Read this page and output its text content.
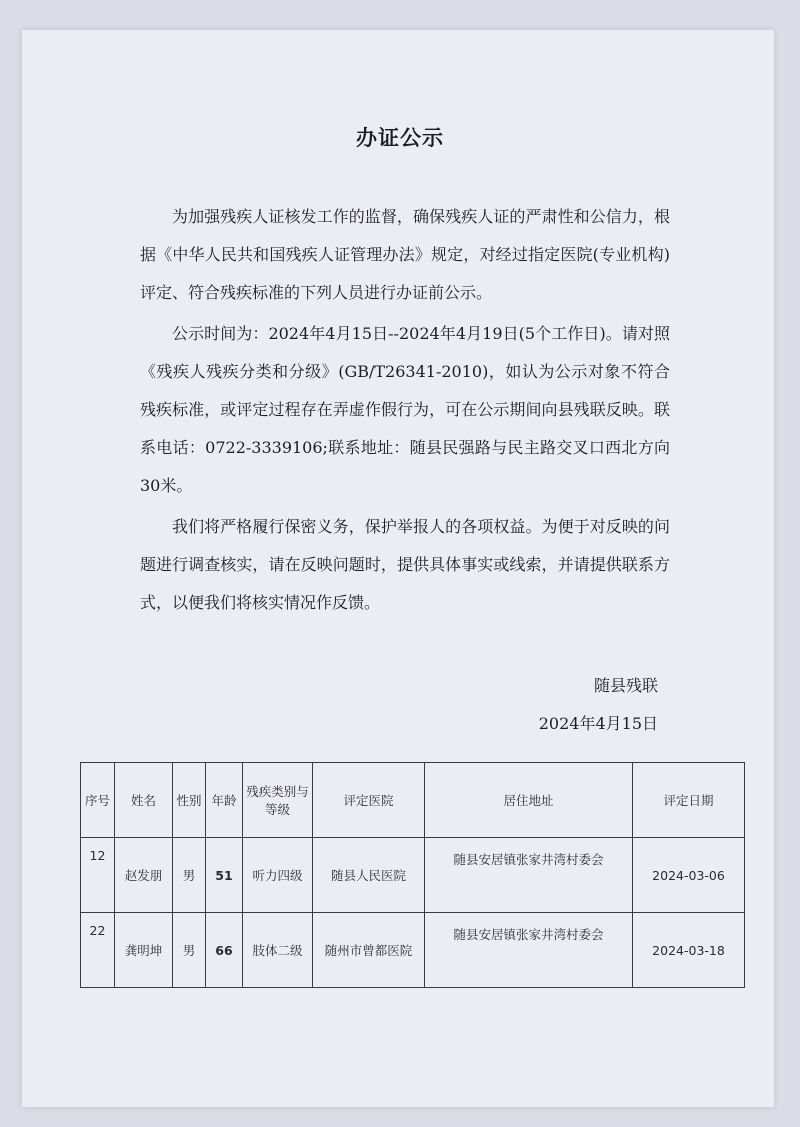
办证公示

为加强残疾人证核发工作的监督，确保残疾人证的严肃性和公信力，根据《中华人民共和国残疾人证管理办法》规定，对经过指定医院(专业机构)评定、符合残疾标准的下列人员进行办证前公示。

公示时间为：2024年4月15日--2024年4月19日(5个工作日)。请对照《残疾人残疾分类和分级》(GB/T26341-2010)，如认为公示对象不符合残疾标准，或评定过程存在弄虚作假行为，可在公示期间向县残联反映。联系电话：0722-3339106;联系地址：随县民强路与民主路交叉口西北方向30米。

我们将严格履行保密义务，保护举报人的各项权益。为便于对反映的问题进行调查核实，请在反映问题时，提供具体事实或线索，并请提供联系方式，以便我们将核实情况作反馈。

随县残联
2024年4月15日
序号	姓名	性别	年龄	残疾类别与等级	评定医院	居住地址	评定日期
12	赵发朋	男	51	听力四级	随县人民医院	随县安居镇张家井湾村委会	2024-03-06
22	龚明坤	男	66	肢体二级	随州市曾都医院	随县安居镇张家井湾村委会	2024-03-18
